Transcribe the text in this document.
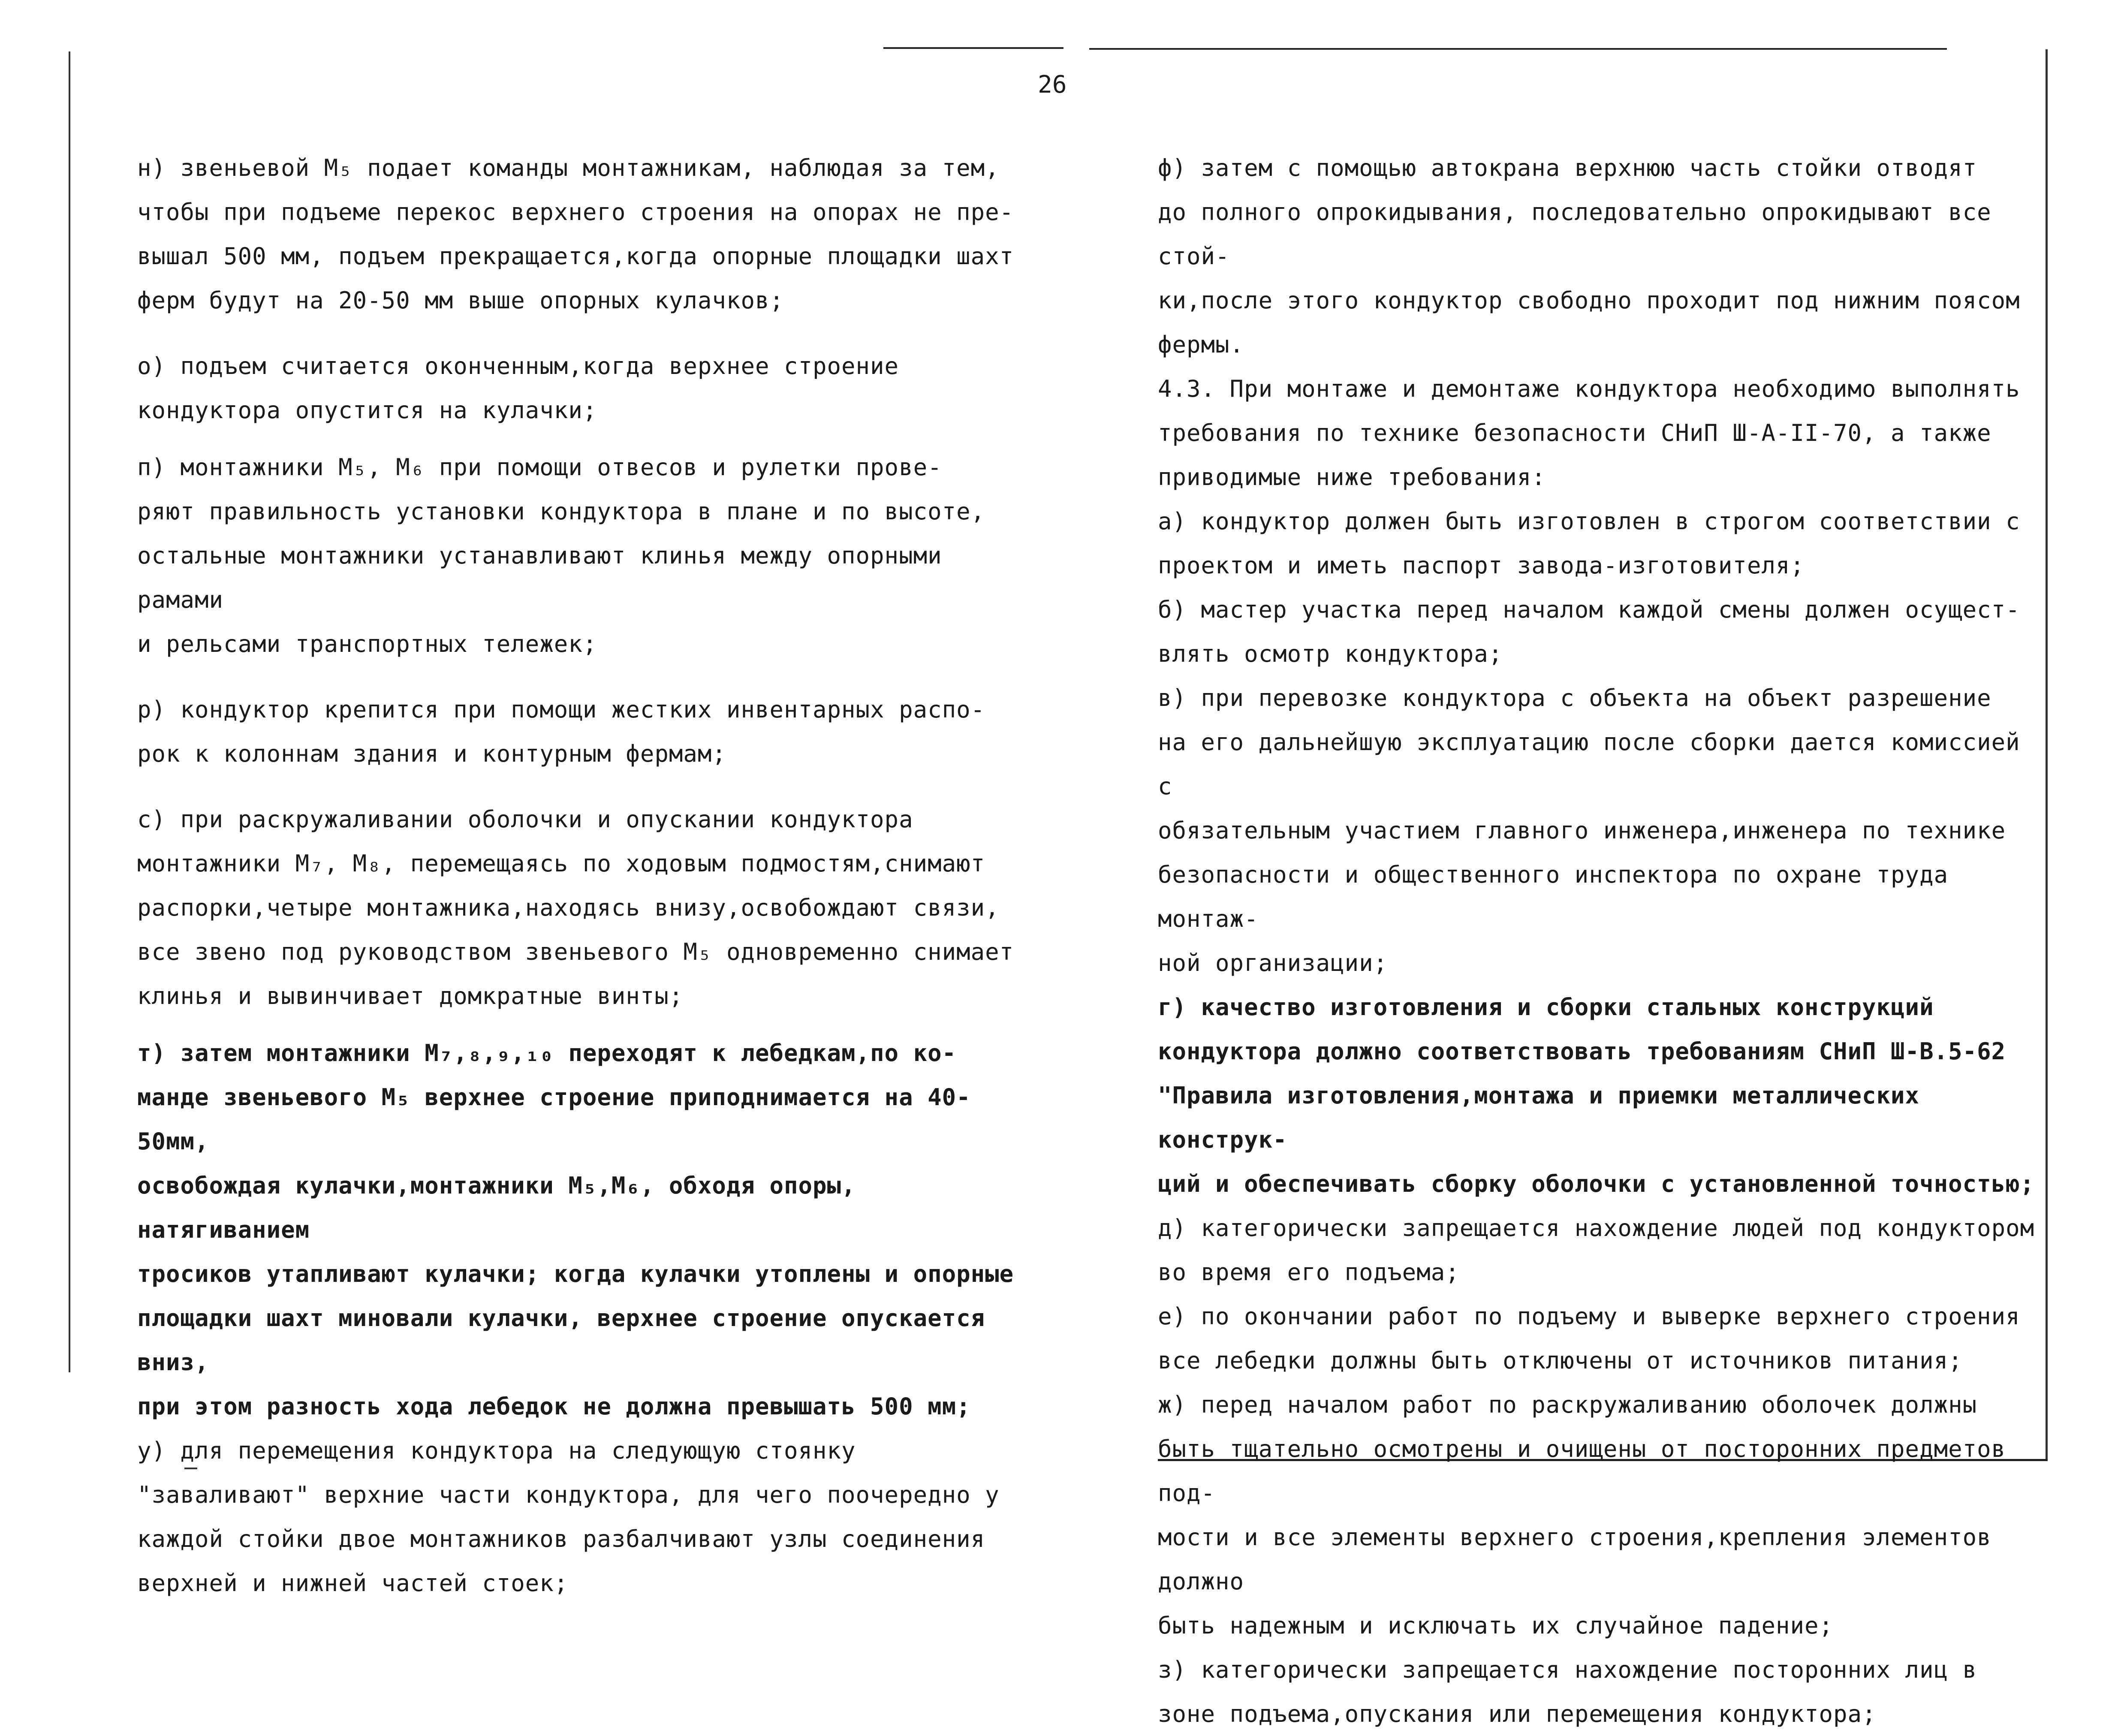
26

н) звеньевой М₅ подает команды монтажникам, наблюдая за тем,
чтобы при подъеме перекос верхнего строения на опорах не пре-
вышал 500 мм, подъем прекращается,когда опорные площадки шахт
ферм будут на 20-50 мм выше опорных кулачков;

о) подъем считается оконченным,когда верхнее строение
кондуктора опустится на кулачки;

п) монтажники М₅, М₆ при помощи отвесов и рулетки прове-
ряют правильность установки кондуктора в плане и по высоте,
остальные монтажники устанавливают клинья между опорными рамами
и рельсами транспортных тележек;

р) кондуктор крепится при помощи жестких инвентарных распо-
рок к колоннам здания и контурным фермам;

с) при раскружаливании оболочки и опускании кондуктора
монтажники М₇, М₈, перемещаясь по ходовым подмостям,снимают
распорки,четыре монтажника,находясь внизу,освобождают связи,
все звено под руководством звеньевого М₅ одновременно снимает
клинья и вывинчивает домкратные винты;

т) затем монтажники М₇,₈,₉,₁₀ переходят к лебедкам,по ко-
манде звеньевого М₅ верхнее строение приподнимается на 40-50мм,
освобождая кулачки,монтажники М₅,М₆, обходя опоры, натягиванием
тросиков утапливают кулачки; когда кулачки утоплены и опорные
площадки шахт миновали кулачки, верхнее строение опускается вниз,
при этом разность хода лебедок не должна превышать 500 мм;

у) для перемещения кондуктора на следующую стоянку
"заваливают" верхние части кондуктора, для чего поочередно у
каждой стойки двое монтажников разбалчивают узлы соединения
верхней и нижней частей стоек;

ф) затем с помощью автокрана верхнюю часть стойки отводят
до полного опрокидывания, последовательно опрокидывают все стой-
ки,после этого кондуктор свободно проходит под нижним поясом
фермы.

4.3. При монтаже и демонтаже кондуктора необходимо выполнять
требования по технике безопасности СНиП Ш-А-II-70, а также
приводимые ниже требования:

а) кондуктор должен быть изготовлен в строгом соответствии с
проектом и иметь паспорт завода-изготовителя;

б) мастер участка перед началом каждой смены должен осущест-
влять осмотр кондуктора;

в) при перевозке кондуктора с объекта на объект разрешение
на его дальнейшую эксплуатацию после сборки дается комиссией с
обязательным участием главного инженера,инженера по технике
безопасности и общественного инспектора по охране труда монтаж-
ной организации;

г) качество изготовления и сборки стальных конструкций
кондуктора должно соответствовать требованиям СНиП Ш-В.5-62
"Правила изготовления,монтажа и приемки металлических конструк-
ций и обеспечивать сборку оболочки с установленной точностью;

д) категорически запрещается нахождение людей под кондуктором
во время его подъема;

е) по окончании работ по подъему и выверке верхнего строения
все лебедки должны быть отключены от источников питания;

ж) перед началом работ по раскружаливанию оболочек должны
быть тщательно осмотрены и очищены от посторонних предметов под-
мости и все элементы верхнего строения,крепления элементов должно
быть надежным и исключать их случайное падение;

з) категорически запрещается нахождение посторонних лиц в
зоне подъема,опускания или перемещения кондуктора;
